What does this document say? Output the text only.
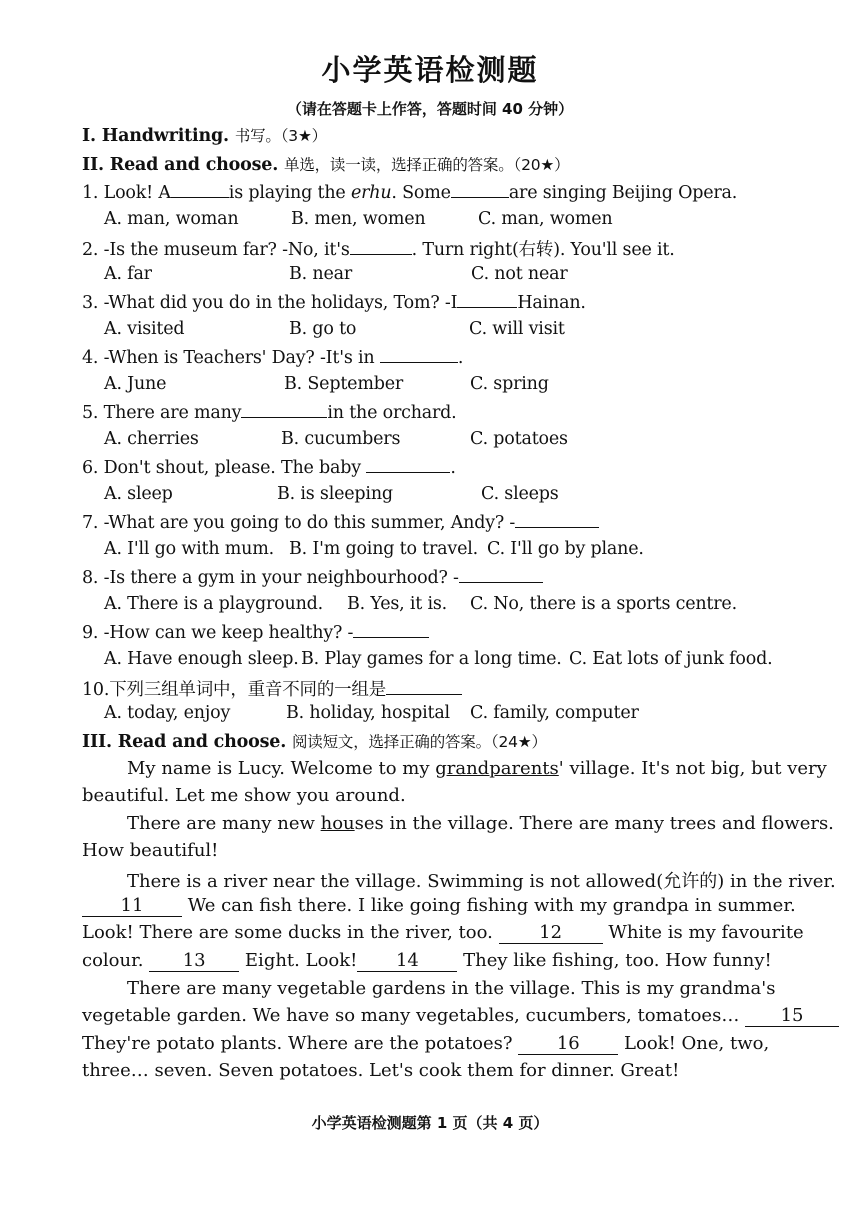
小学英语检测题
（请在答题卡上作答，答题时间 40 分钟）
I. Handwriting. 书写。（3★）
II. Read and choose. 单选，读一读，选择正确的答案。（20★）
1. Look! A	is playing the erhu. Some	are singing Beijing Opera.
A. man, woman	B. men, women	C. man, women
2. -Is the museum far? -No, it's	. Turn right(右转). You'll see it.
A. far	B. near	C. not near
3. -What did you do in the holidays, Tom? -I	Hainan.
A. visited	B. go to	C. will visit
4. -When is Teachers' Day? -It's in	.
A. June	B. September	C. spring
5. There are many	in the orchard.
A. cherries	B. cucumbers	C. potatoes
6. Don't shout, please. The baby	.
A. sleep	B. is sleeping	C. sleeps
7. -What are you going to do this summer, Andy? -
A. I'll go with mum. B. I'm going to travel. C. I'll go by plane.
8. -Is there a gym in your neighbourhood? -
A. There is a playground. B. Yes, it is. C. No, there is a sports centre.
9. -How can we keep healthy? -
A. Have enough sleep. B. Play games for a long time. C. Eat lots of junk food.
10.下列三组单词中，重音不同的一组是
A. today, enjoy	B. holiday, hospital C. family, computer
III. Read and choose. 阅读短文，选择正确的答案。（24★）
My name is Lucy. Welcome to my grandparents' village. It's not big, but very
beautiful. Let me show you around.
There are many new houses in the village. There are many trees and flowers.
How beautiful!
There is a river near the village. Swimming is not allowed(允许的) in the river.
11 We can fish there. I like going fishing with my grandpa in summer.
Look! There are some ducks in the river, too.	12	White is my favourite
colour. 13 Eight. Look! 14 They like fishing, too. How funny!
There are many vegetable gardens in the village. This is my grandma's
vegetable garden. We have so many vegetables, cucumbers, tomatoes… 15
They're potato plants. Where are the potatoes? 16 Look! One, two,
three… seven. Seven potatoes. Let's cook them for dinner. Great!
小学英语检测题第 1 页（共 4 页）
